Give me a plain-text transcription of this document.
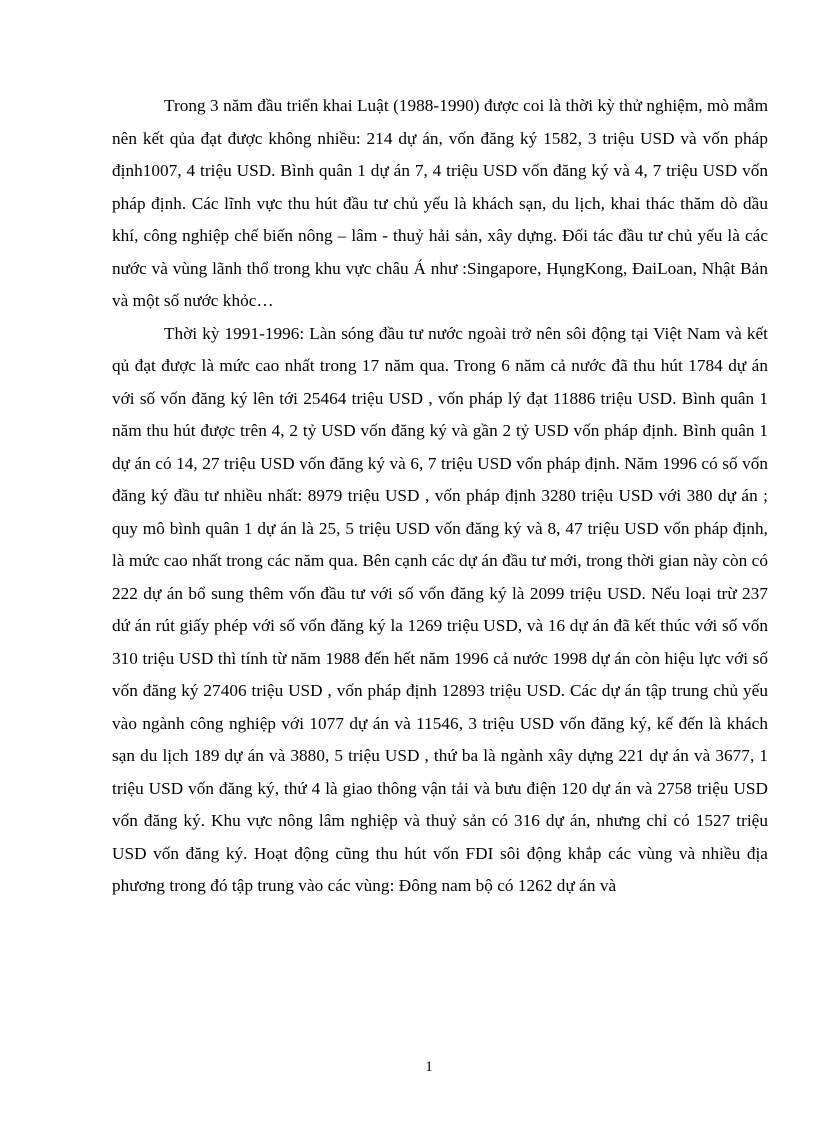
Trong 3 năm đầu triển khai Luật (1988-1990) được coi là thời kỳ thử nghiệm, mò mẫm nên kết qủa đạt được không nhiều: 214 dự án, vốn đăng ký 1582, 3 triệu USD và vốn pháp định1007, 4 triệu USD. Bình quân 1 dự án 7, 4 triệu USD vốn đăng ký và 4, 7 triệu USD vốn pháp định. Các lĩnh vực thu hút đầu tư chủ yếu là khách sạn, du lịch, khai thác thăm dò dầu khí, công nghiệp chế biến nông – lâm - thuỷ hải sản, xây dựng. Đối tác đầu tư chủ yếu là các nước và vùng lãnh thổ trong khu vực châu Á như :Singapore, HụngKong, ĐaiLoan, Nhật Bản và một số nước khỏc…

Thời kỳ 1991-1996: Làn sóng đầu tư nước ngoài trở nên sôi động tại Việt Nam và kết qủ đạt được là mức cao nhất trong 17 năm qua. Trong 6 năm cả nước đã thu hút 1784 dự án với số vốn đăng ký lên tới 25464 triệu USD , vốn pháp lý đạt 11886 triệu USD. Bình quân 1 năm thu hút được trên 4, 2 tỷ USD vốn đăng ký và gần 2 tỷ USD vốn pháp định. Bình quân 1 dự án có 14, 27 triệu USD vốn đăng ký và 6, 7 triệu USD vốn pháp định. Năm 1996 có số vốn đăng ký đầu tư nhiều nhất: 8979 triệu USD , vốn pháp định 3280 triệu USD với 380 dự án ; quy mô bình quân 1 dự án là 25, 5 triệu USD vốn đăng ký và 8, 47 triệu USD vốn pháp định, là mức cao nhất trong các năm qua. Bên cạnh các dự án đầu tư mới, trong thời gian này còn có 222 dự án bổ sung thêm vốn đầu tư với số vốn đăng ký là 2099 triệu USD. Nếu loại trừ 237 dứ án rút giấy phép với số vốn đăng ký la 1269 triệu USD, và 16 dự án đã kết thúc với số vốn 310 triệu USD thì tính từ năm 1988 đến hết năm 1996 cả nước 1998 dự án còn hiệu lực với số vốn đăng ký 27406 triệu USD , vốn pháp định 12893 triệu USD. Các dự án tập trung chủ yếu vào ngành công nghiệp với 1077 dự án và 11546, 3 triệu USD vốn đăng ký, kế đến là khách sạn du lịch 189 dự án và 3880, 5 triệu USD , thứ ba là ngành xây dựng 221 dự án và 3677, 1 triệu USD vốn đăng ký, thứ 4 là giao thông vận tải và bưu điện 120 dự án và 2758 triệu USD vốn đăng ký. Khu vực nông lâm nghiệp và thuỷ sản có 316 dự án, nhưng chỉ có 1527 triệu USD vốn đăng ký. Hoạt động cũng thu hút vốn FDI sôi động khắp các vùng và nhiều địa phương trong đó tập trung vào các vùng: Đông nam bộ có 1262 dự án và

1
